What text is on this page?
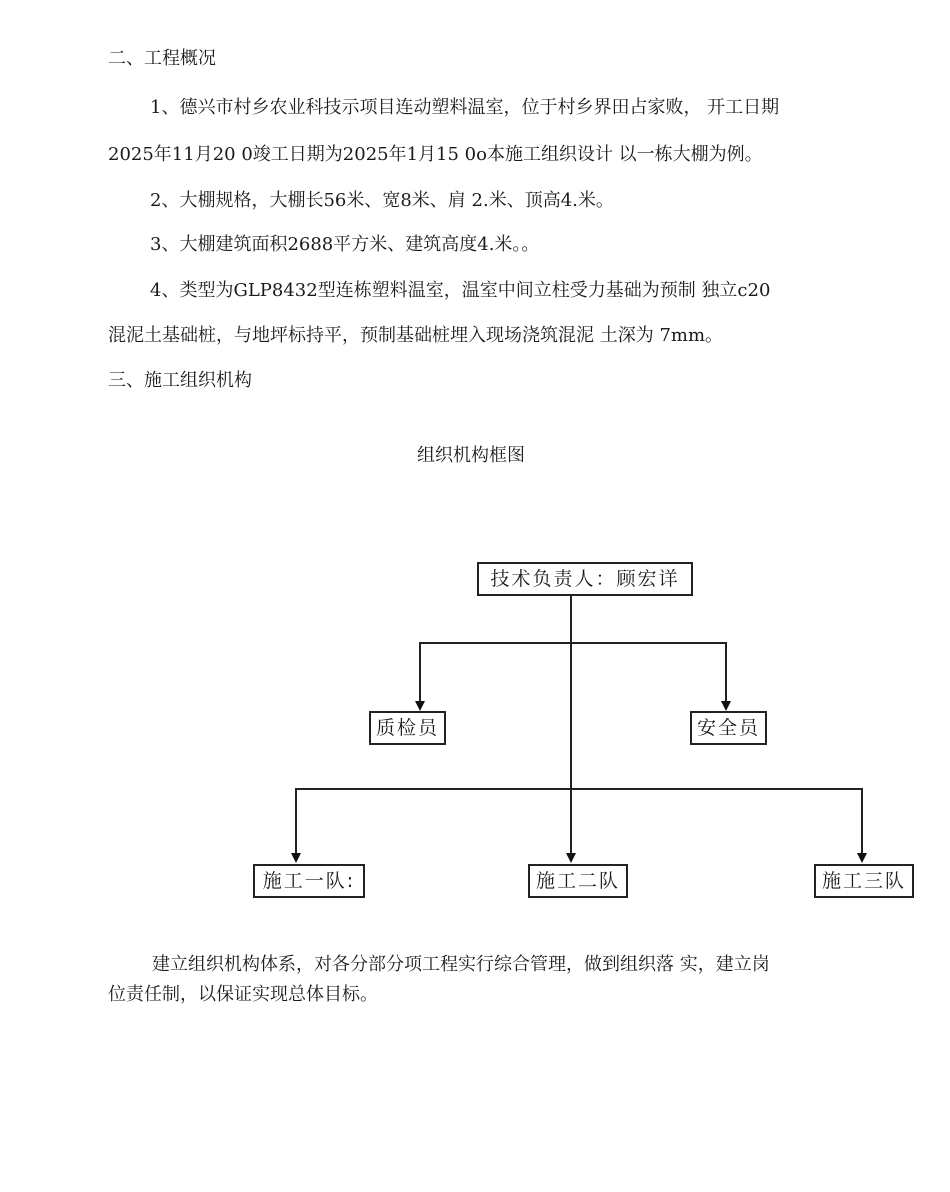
二、工程概况
1、德兴市村乡农业科技示项目连动塑料温室，位于村乡界田占家败， 开工日期
2025年11月20 0竣工日期为2025年1月15 0o本施工组织设计 以一栋大棚为例。
2、大棚规格，大棚长56米、宽8米、肩 2.米、顶高4.米。
3、大棚建筑面积2688平方米、建筑高度4.米。。
4、类型为GLP8432型连栋塑料温室，温室中间立柱受力基础为预制 独立c20
混泥土基础桩，与地坪标持平，预制基础桩埋入现场浇筑混泥 土深为 7mm。
三、施工组织机构
组织机构框图
技术负责人：顾宏详
质检员	安全员
施工一队:	施工二队	施工三队
建立组织机构体系，对各分部分项工程实行综合管理，做到组织落 实，建立岗
位责任制，以保证实现总体目标。
